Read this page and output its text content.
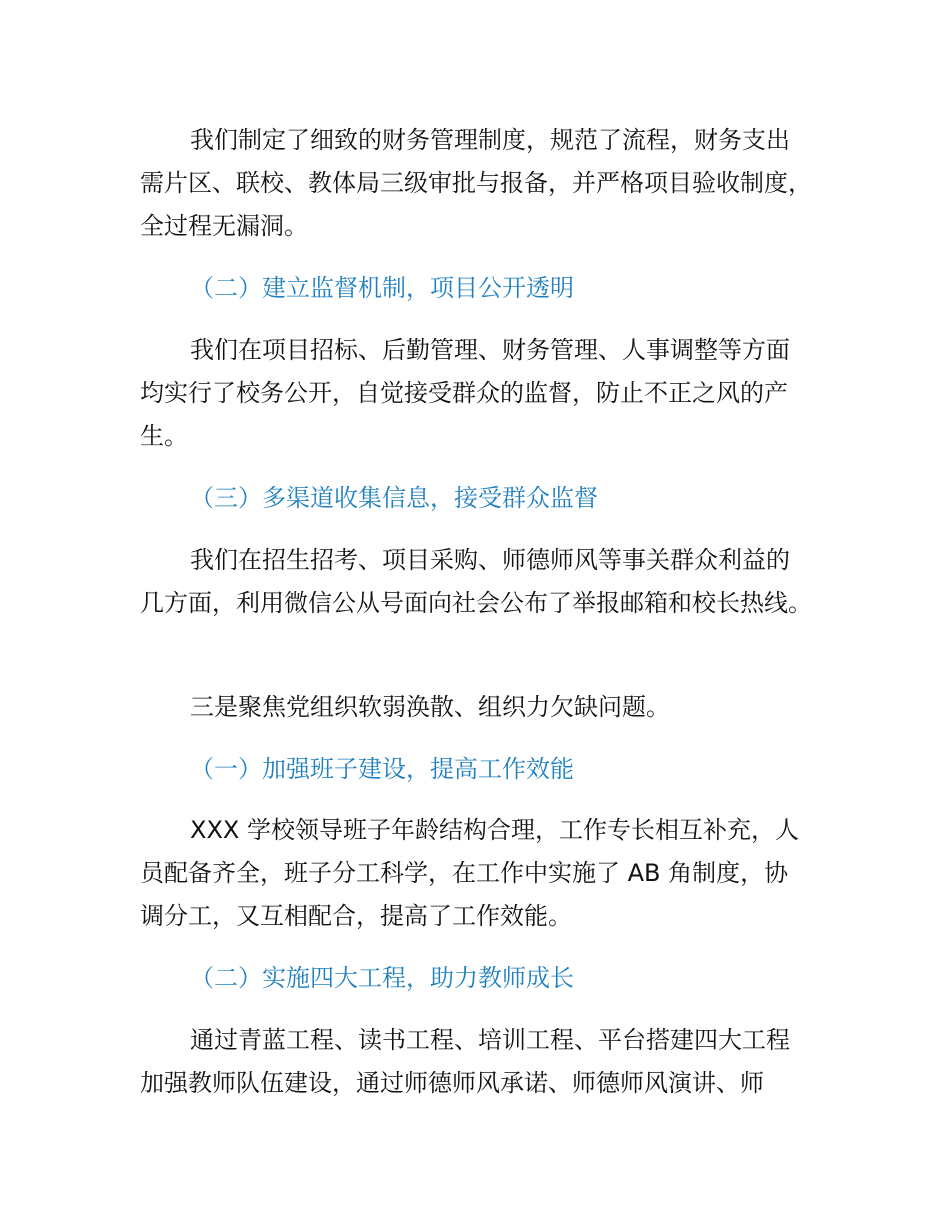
我们制定了细致的财务管理制度，规范了流程，财务支出需片区、联校、教体局三级审批与报备，并严格项目验收制度，全过程无漏洞。

（二）建立监督机制，项目公开透明

我们在项目招标、后勤管理、财务管理、人事调整等方面均实行了校务公开，自觉接受群众的监督，防止不正之风的产生。

（三）多渠道收集信息，接受群众监督

我们在招生招考、项目采购、师德师风等事关群众利益的几方面，利用微信公从号面向社会公布了举报邮箱和校长热线。

三是聚焦党组织软弱涣散、组织力欠缺问题。

（一）加强班子建设，提高工作效能

XXX 学校领导班子年龄结构合理，工作专长相互补充，人员配备齐全，班子分工科学，在工作中实施了 AB 角制度，协调分工，又互相配合，提高了工作效能。

（二）实施四大工程，助力教师成长

通过青蓝工程、读书工程、培训工程、平台搭建四大工程加强教师队伍建设，通过师德师风承诺、师德师风演讲、师
